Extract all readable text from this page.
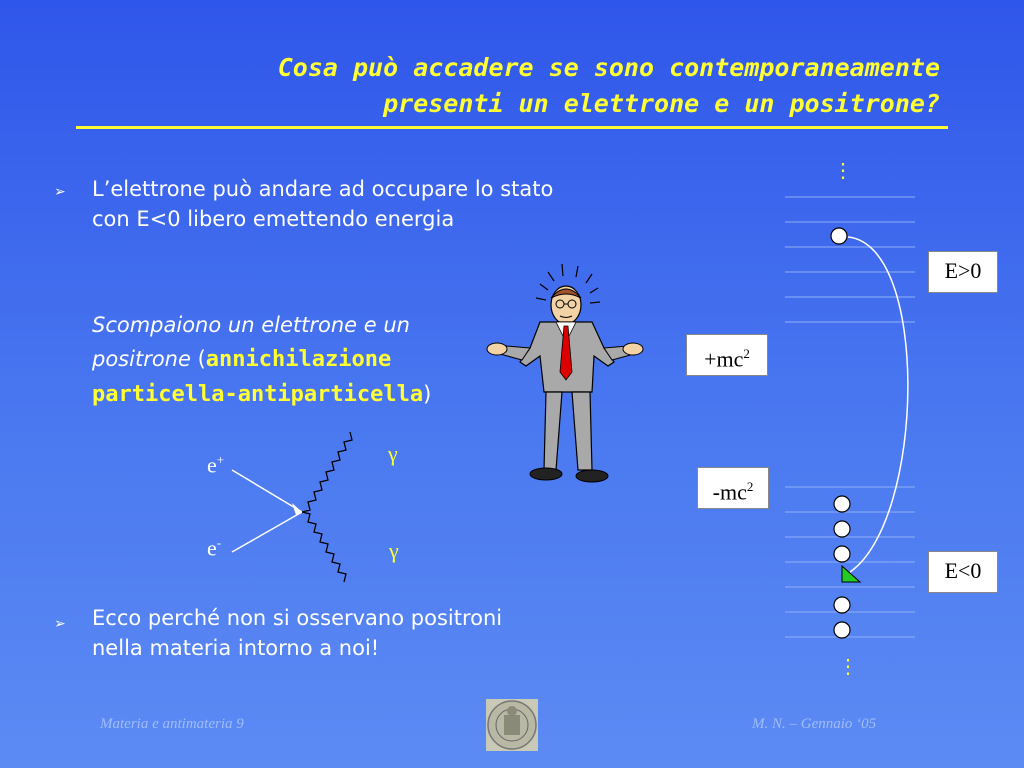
Cosa può accadere se sono contemporaneamente
presenti un elettrone e un positrone?
➢ L’elettrone può andare ad occupare lo stato con E<0 libero emettendo energia
Scompaiono un elettrone e un positrone (annichilazione particella-antiparticella)
➢ Ecco perché non si osservano positroni nella materia intorno a noi!
e+
e-
γ
γ
⋮
⋮
$+mc^2$
$-mc^2$
E>0
E<0
Materia e antimateria 9	M. N. – Gennaio ‘05
